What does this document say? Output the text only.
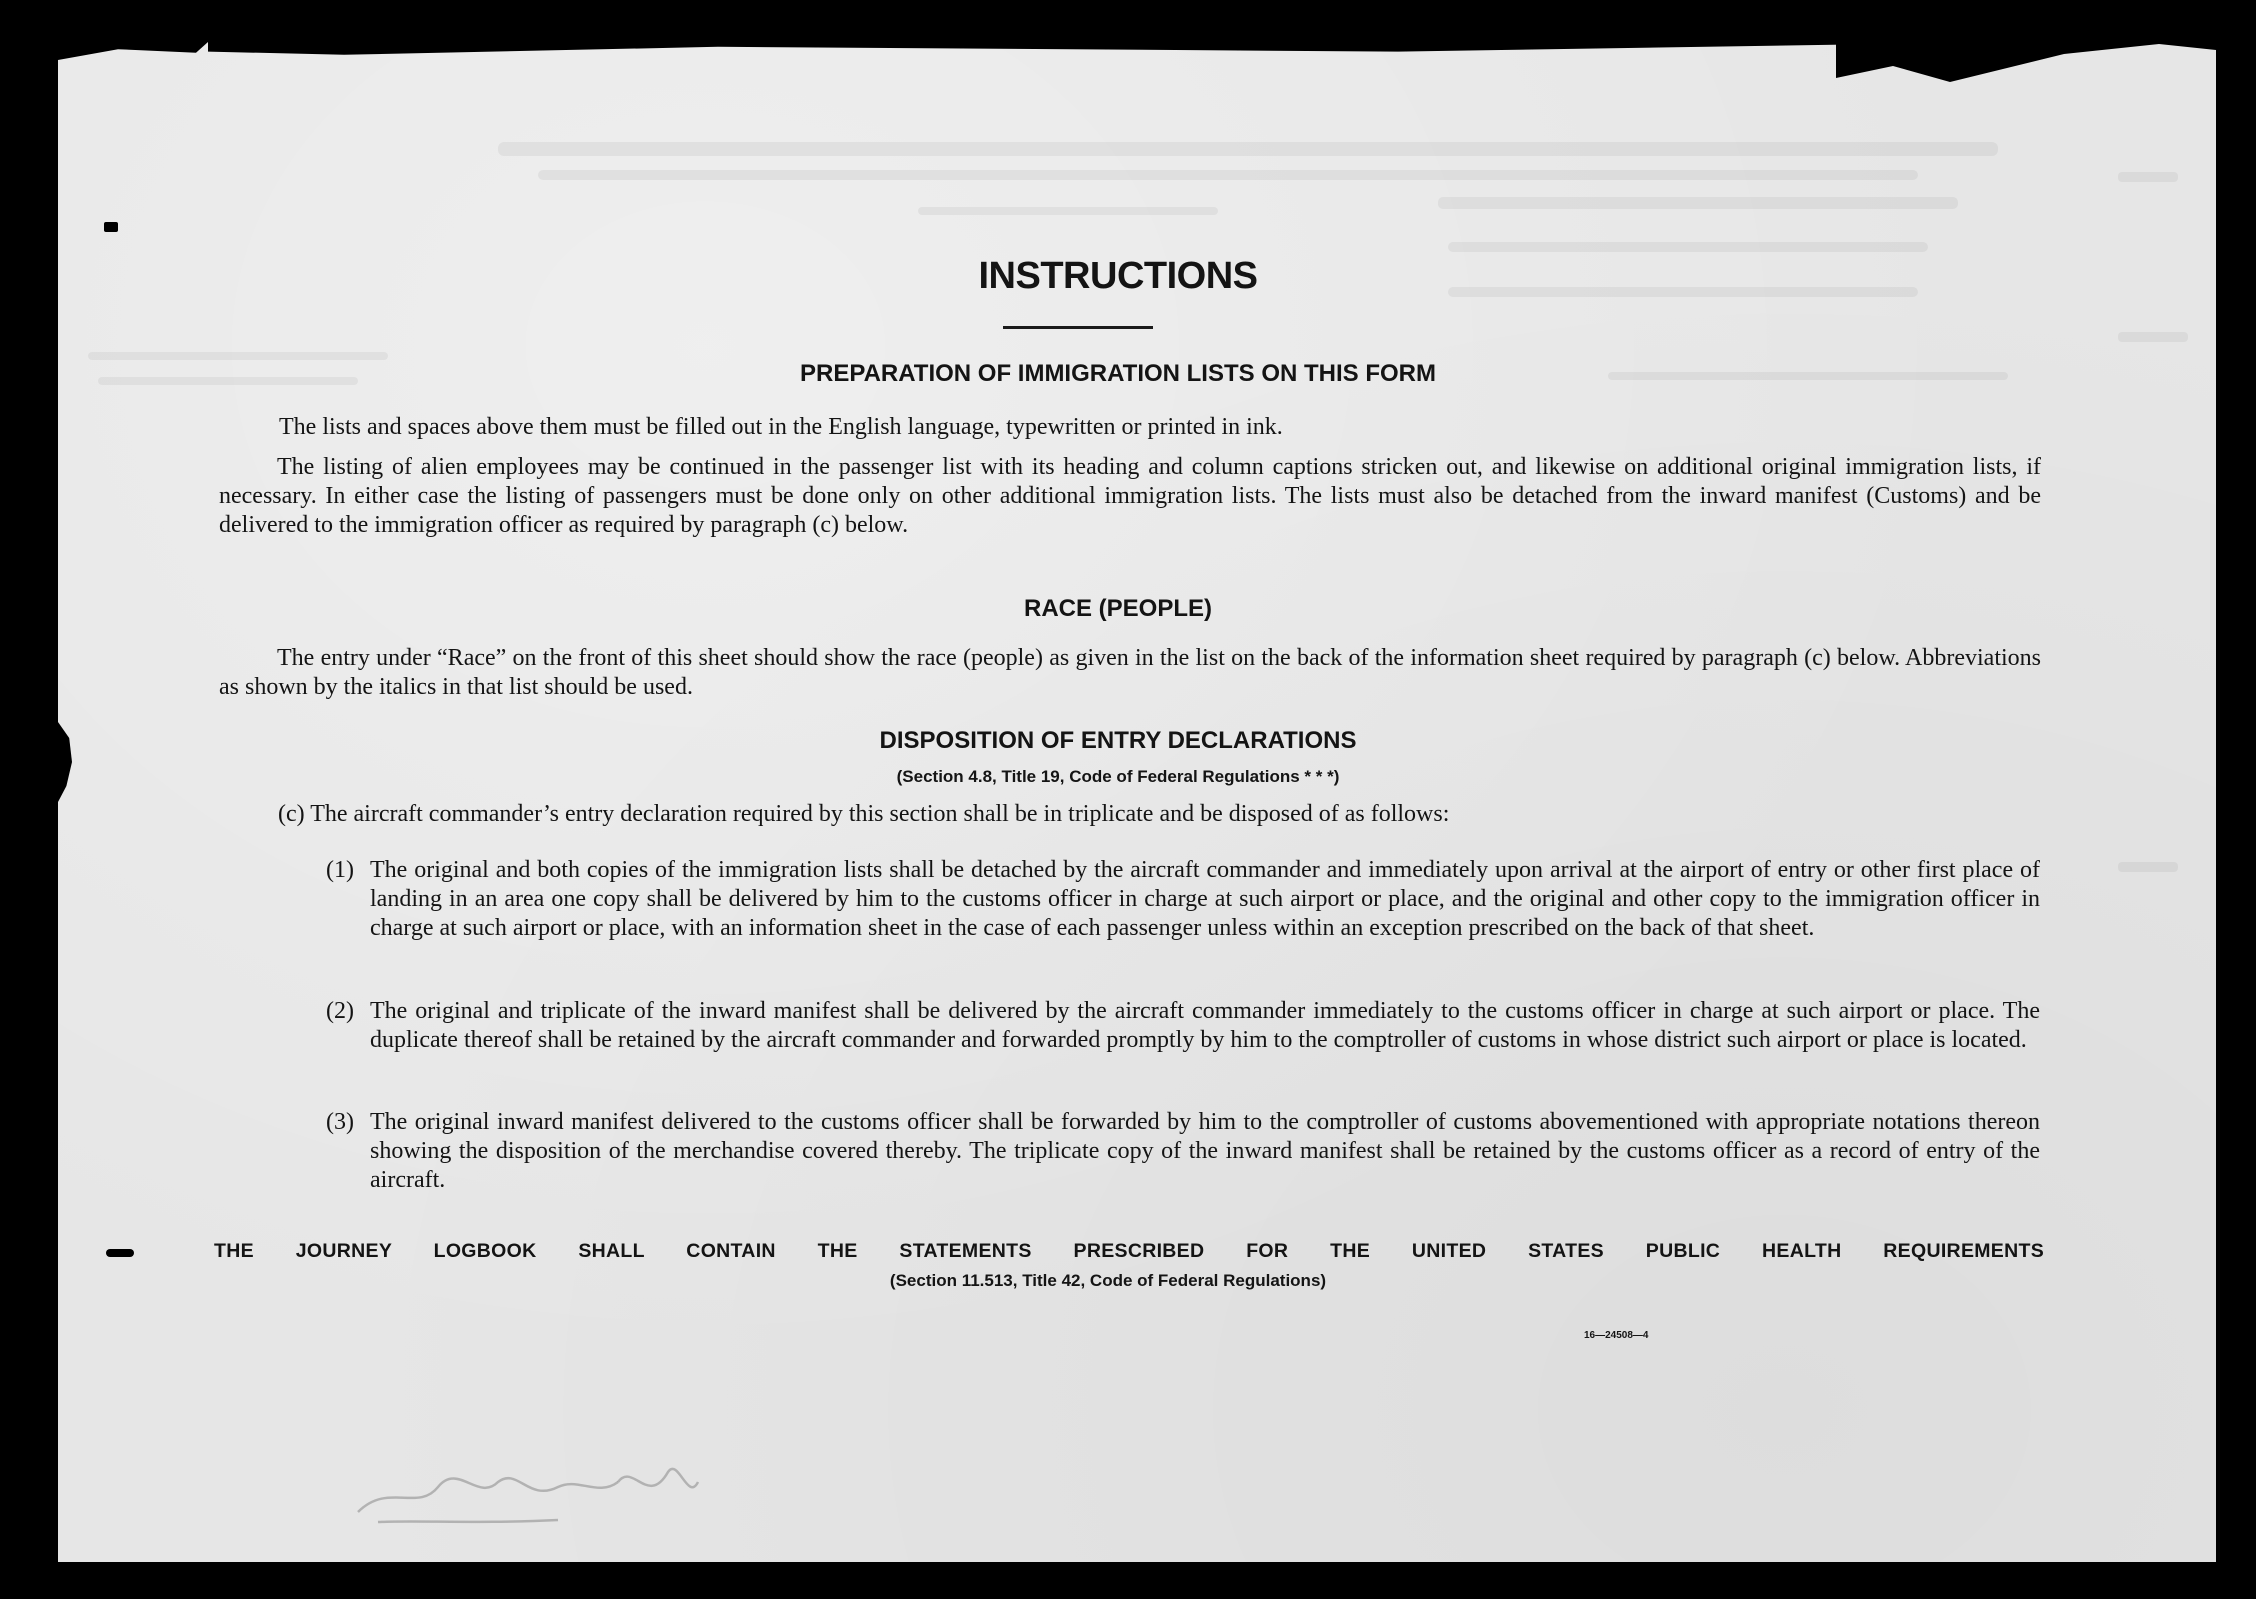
INSTRUCTIONS
PREPARATION OF IMMIGRATION LISTS ON THIS FORM

The lists and spaces above them must be filled out in the English language, typewritten or printed in ink.

The listing of alien employees may be continued in the passenger list with its heading and column captions stricken out, and likewise on additional original immigration lists, if necessary. In either case the listing of passengers must be done only on other additional immigration lists. The lists must also be detached from the inward manifest (Customs) and be delivered to the immigration officer as required by paragraph (c) below.

RACE (PEOPLE)

The entry under “Race” on the front of this sheet should show the race (people) as given in the list on the back of the information sheet required by paragraph (c) below. Abbreviations as shown by the italics in that list should be used.

DISPOSITION OF ENTRY DECLARATIONS
(Section 4.8, Title 19, Code of Federal Regulations * * *)

(c) The aircraft commander’s entry declaration required by this section shall be in triplicate and be disposed of as follows:

(1) The original and both copies of the immigration lists shall be detached by the aircraft commander and immediately upon arrival at the airport of entry or other first place of landing in an area one copy shall be delivered by him to the customs officer in charge at such airport or place, and the original and other copy to the immigration officer in charge at such airport or place, with an information sheet in the case of each passenger unless within an exception prescribed on the back of that sheet.
(2) The original and triplicate of the inward manifest shall be delivered by the aircraft commander immediately to the customs officer in charge at such airport or place. The duplicate thereof shall be retained by the aircraft commander and forwarded promptly by him to the comptroller of customs in whose district such airport or place is located.
(3) The original inward manifest delivered to the customs officer shall be forwarded by him to the comptroller of customs abovementioned with appropriate notations thereon showing the disposition of the merchandise covered thereby. The triplicate copy of the inward manifest shall be retained by the customs officer as a record of entry of the aircraft.
THE JOURNEY LOGBOOK SHALL CONTAIN THE STATEMENTS PRESCRIBED FOR THE UNITED STATES PUBLIC HEALTH REQUIREMENTS
(Section 11.513, Title 42, Code of Federal Regulations)
16—24508—4
